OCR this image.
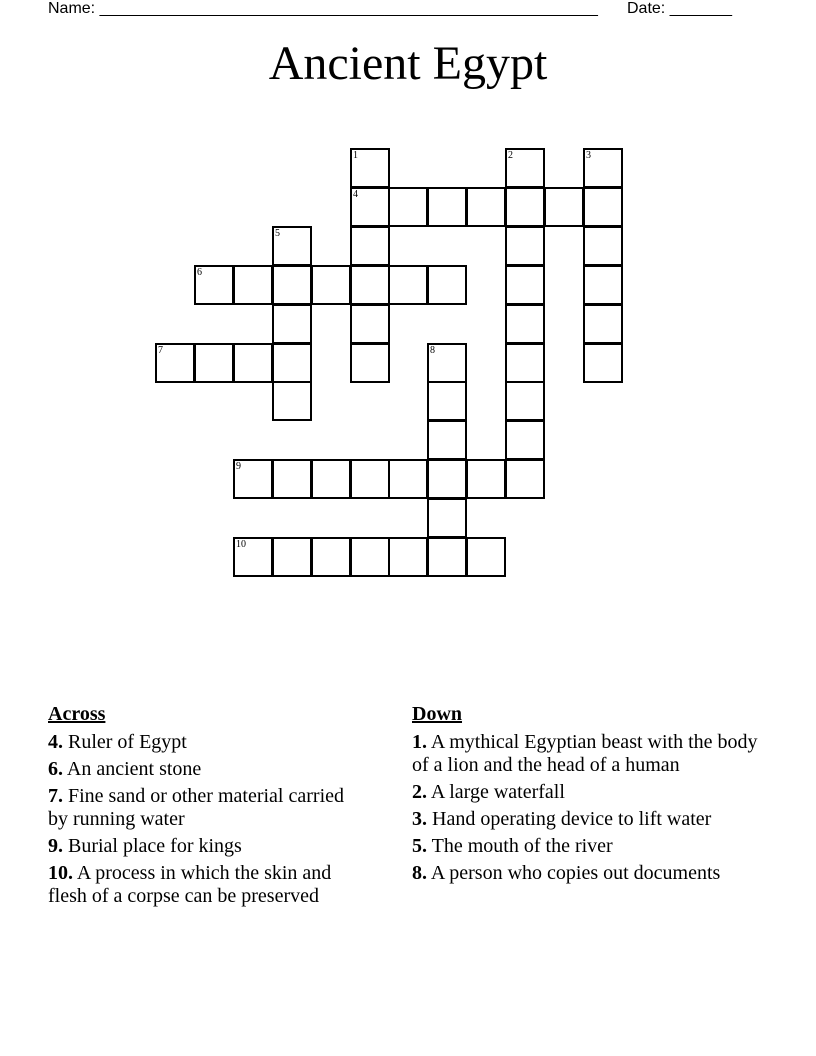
Name: ________________________________________________________ Date: _______
Ancient Egypt
4
6
7
9
10
1	2	3
5
8
Across
4. Ruler of Egypt
6. An ancient stone
7. Fine sand or other material carried by running water
9. Burial place for kings
10. A process in which the skin and flesh of a corpse can be preserved
Down
1. A mythical Egyptian beast with the body of a lion and the head of a human
2. A large waterfall
3. Hand operating device to lift water
5. The mouth of the river
8. A person who copies out documents
